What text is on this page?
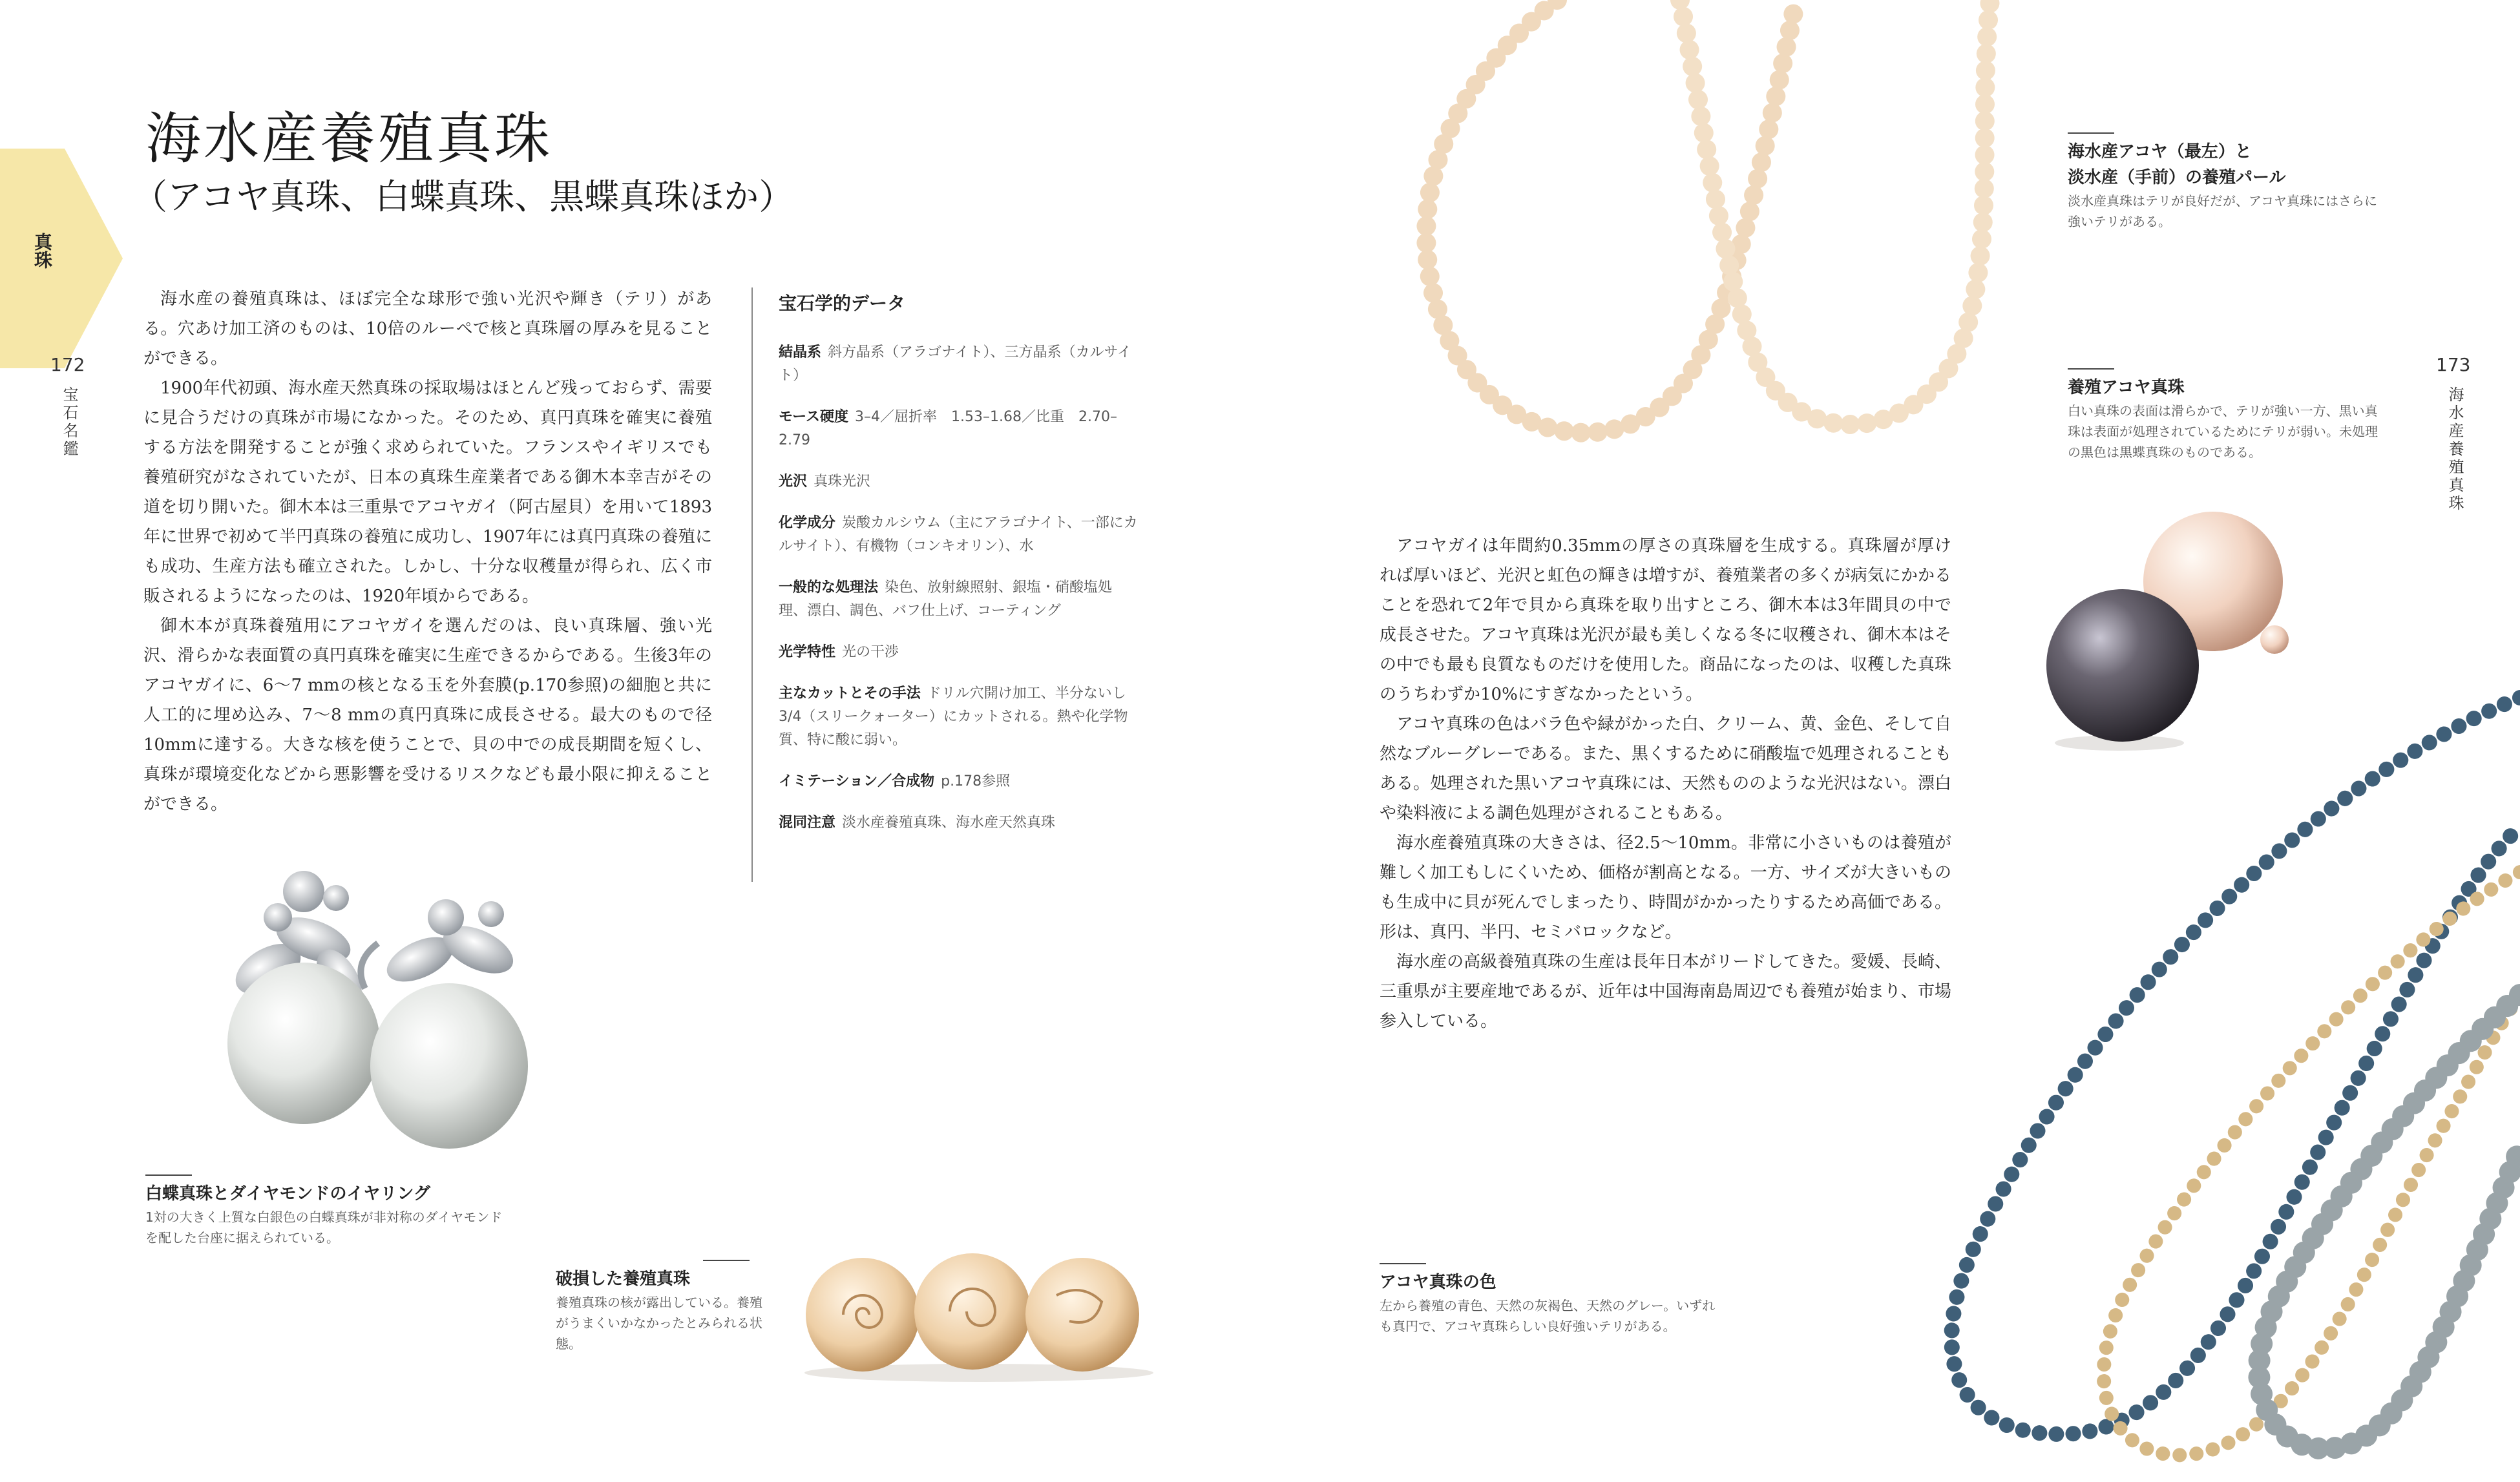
真珠
172
宝石名鑑
海水産養殖真珠
（アコヤ真珠、白蝶真珠、黒蝶真珠ほか）

海水産の養殖真珠は、ほぼ完全な球形で強い光沢や輝き（テリ）がある。穴あけ加工済のものは、10倍のルーペで核と真珠層の厚みを見ることができる。

1900年代初頭、海水産天然真珠の採取場はほとんど残っておらず、需要に見合うだけの真珠が市場になかった。そのため、真円真珠を確実に養殖する方法を開発することが強く求められていた。フランスやイギリスでも養殖研究がなされていたが、日本の真珠生産業者である御木本幸吉がその道を切り開いた。御木本は三重県でアコヤガイ（阿古屋貝）を用いて1893年に世界で初めて半円真珠の養殖に成功し、1907年には真円真珠の養殖にも成功、生産方法も確立された。しかし、十分な収穫量が得られ、広く市販されるようになったのは、1920年頃からである。

御木本が真珠養殖用にアコヤガイを選んだのは、良い真珠層、強い光沢、滑らかな表面質の真円真珠を確実に生産できるからである。生後3年のアコヤガイに、6～7 mmの核となる玉を外套膜(p.170参照)の細胞と共に人工的に埋め込み、7～8 mmの真円真珠に成長させる。最大のもので径10mmに達する。大きな核を使うことで、貝の中での成長期間を短くし、真珠が環境変化などから悪影響を受けるリスクなども最小限に抑えることができる。

宝石学的データ
結晶系 斜方晶系（アラゴナイト）、三方晶系（カルサイト）
モース硬度 3–4／屈折率　1.53–1.68／比重　2.70–2.79
光沢 真珠光沢
化学成分 炭酸カルシウム（主にアラゴナイト、一部にカルサイト）、有機物（コンキオリン）、水
一般的な処理法 染色、放射線照射、銀塩・硝酸塩処理、漂白、調色、バフ仕上げ、コーティング
光学特性 光の干渉
主なカットとその手法 ドリル穴開け加工、半分ないし3/4（スリークォーター）にカットされる。熱や化学物質、特に酸に弱い。
イミテーション／合成物 p.178参照
混同注意 淡水産養殖真珠、海水産天然真珠
白蝶真珠とダイヤモンドのイヤリング
1対の大きく上質な白銀色の白蝶真珠が非対称のダイヤモンドを配した台座に据えられている。
破損した養殖真珠
養殖真珠の核が露出している。養殖がうまくいかなかったとみられる状態。
海水産アコヤ（最左）と
淡水産（手前）の養殖パール
淡水産真珠はテリが良好だが、アコヤ真珠にはさらに強いテリがある。
173
海水産養殖真珠
養殖アコヤ真珠
白い真珠の表面は滑らかで、テリが強い一方、黒い真珠は表面が処理されているためにテリが弱い。未処理の黒色は黒蝶真珠のものである。

アコヤガイは年間約0.35mmの厚さの真珠層を生成する。真珠層が厚ければ厚いほど、光沢と虹色の輝きは増すが、養殖業者の多くが病気にかかることを恐れて2年で貝から真珠を取り出すところ、御木本は3年間貝の中で成長させた。アコヤ真珠は光沢が最も美しくなる冬に収穫され、御木本はその中でも最も良質なものだけを使用した。商品になったのは、収穫した真珠のうちわずか10%にすぎなかったという。

アコヤ真珠の色はバラ色や緑がかった白、クリーム、黄、金色、そして自然なブルーグレーである。また、黒くするために硝酸塩で処理されることもある。処理された黒いアコヤ真珠には、天然もののような光沢はない。漂白や染料液による調色処理がされることもある。

海水産養殖真珠の大きさは、径2.5～10mm。非常に小さいものは養殖が難しく加工もしにくいため、価格が割高となる。一方、サイズが大きいものも生成中に貝が死んでしまったり、時間がかかったりするため高価である。形は、真円、半円、セミバロックなど。

海水産の高級養殖真珠の生産は長年日本がリードしてきた。愛媛、長崎、三重県が主要産地であるが、近年は中国海南島周辺でも養殖が始まり、市場参入している。

アコヤ真珠の色
左から養殖の青色、天然の灰褐色、天然のグレー。いずれも真円で、アコヤ真珠らしい良好強いテリがある。
